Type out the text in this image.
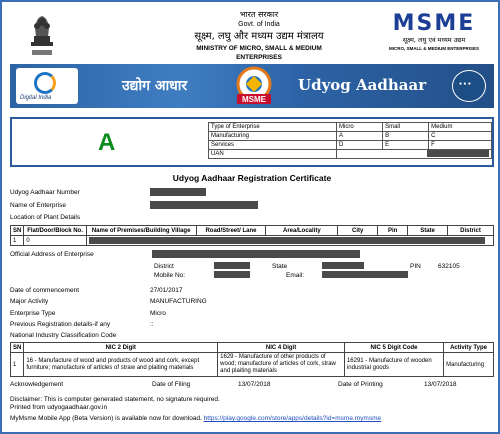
भारत सरकार
Govt. of India
सूक्ष्म, लघु और मध्यम उद्यम मंत्रालय
MINISTRY OF MICRO, SMALL & MEDIUM ENTERPRISES
MSME
सूक्ष्म, लघु एवं मध्यम उद्यम
MICRO, SMALL & MEDIUM ENTERPRISES
Digital India
उद्योग आधार
MSME
Udyog Aadhaar	● ● ●
A
Type of Enterprise	Micro	Small	Medium
Manufacturing	A	B	C
Services	D	E	F
UAN			
Udyog Aadhaar Registration Certificate
Udyog Aadhaar Number
Name of Enterprise
Location of Plant Details
SN	Flat/Door/Block No.	Name of Premises/Building Village	Road/Street/ Lane	Area/Locality	City	Pin	State	District
1	0							
Official Address of Enterprise
District	State	PIN	632105
Mobile No:	Email:
Date of commencement	27/01/2017
Major Activity	MANUFACTURING
Enterprise Type	Micro
Previous Registration details-if any	::
National Industry Classification Code
SN	NIC 2 Digit	NIC 4 Digit	NIC 5 Digit Code	Activity Type
1	16 - Manufacture of wood and products of wood and cork, except furniture; manufacture of articles of straw and plaiting materials	1629 - Manufacture of other products of wood; manufacture of articles of cork, straw and plaiting materials	16291 - Manufacture of wooden industrial goods	Manufacturing
Acknowledgement	Date of Filing	13/07/2018	Date of Printing	13/07/2018
Disclaimer: This is computer generated statement, no signature required.
Printed from udyogaadhaar.gov.in
MyMsme Mobile App (Beta Version) is available now for download. https://play.google.com/store/apps/details?id=msme.mymsme
